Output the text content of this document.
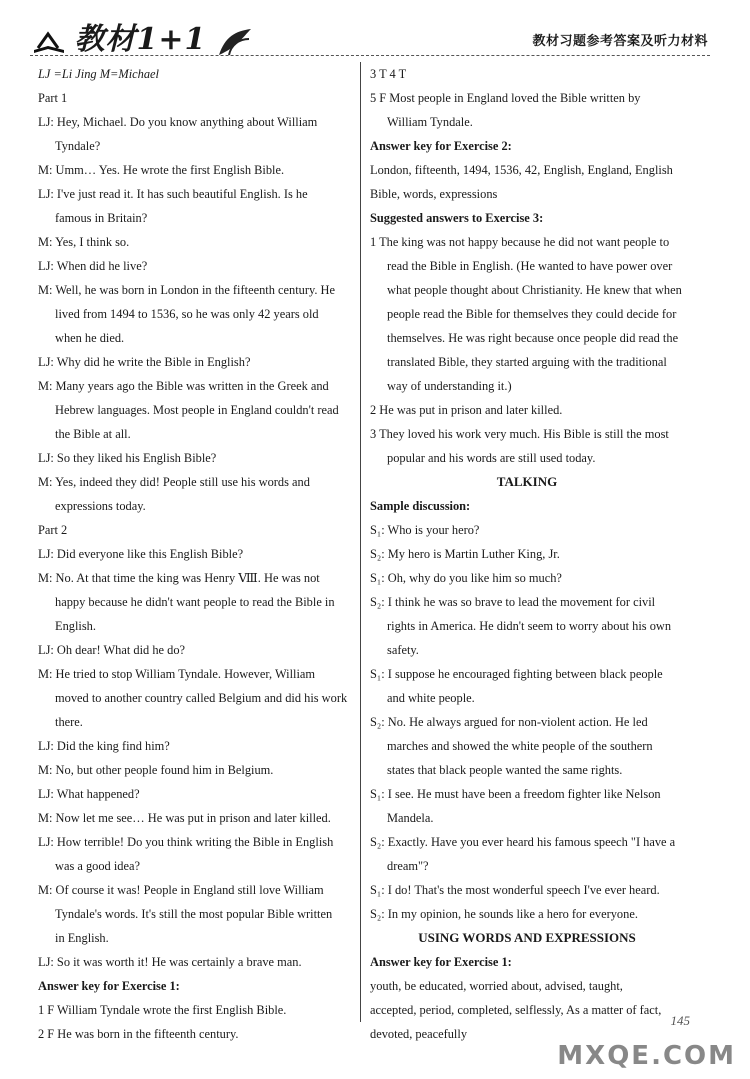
教材1+1	教材习题参考答案及听力材料
LJ =Li Jing M=Michael
Part 1
LJ: Hey, Michael. Do you know anything about William
Tyndale?
M: Umm… Yes. He wrote the first English Bible.
LJ: I've just read it. It has such beautiful English. Is he
famous in Britain?
M: Yes, I think so.
LJ: When did he live?
M: Well, he was born in London in the fifteenth century. He
lived from 1494 to 1536, so he was only 42 years old
when he died.
LJ: Why did he write the Bible in English?
M: Many years ago the Bible was written in the Greek and
Hebrew languages. Most people in England couldn't read
the Bible at all.
LJ: So they liked his English Bible?
M: Yes, indeed they did! People still use his words and
expressions today.
Part 2
LJ: Did everyone like this English Bible?
M: No. At that time the king was Henry Ⅷ. He was not
happy because he didn't want people to read the Bible in
English.
LJ: Oh dear! What did he do?
M: He tried to stop William Tyndale. However, William
moved to another country called Belgium and did his work
there.
LJ: Did the king find him?
M: No, but other people found him in Belgium.
LJ: What happened?
M: Now let me see… He was put in prison and later killed.
LJ: How terrible! Do you think writing the Bible in English
was a good idea?
M: Of course it was! People in England still love William
Tyndale's words. It's still the most popular Bible written
in English.
LJ: So it was worth it! He was certainly a brave man.
Answer key for Exercise 1:
1 F William Tyndale wrote the first English Bible.
2 F He was born in the fifteenth century.
3 T 4 T
5 F Most people in England loved the Bible written by
William Tyndale.
Answer key for Exercise 2:
London, fifteenth, 1494, 1536, 42, English, England, English
Bible, words, expressions
Suggested answers to Exercise 3:
1 The king was not happy because he did not want people to
read the Bible in English. (He wanted to have power over
what people thought about Christianity. He knew that when
people read the Bible for themselves they could decide for
themselves. He was right because once people did read the
translated Bible, they started arguing with the traditional
way of understanding it.)
2 He was put in prison and later killed.
3 They loved his work very much. His Bible is still the most
popular and his words are still used today.
TALKING
Sample discussion:
S₁: Who is your hero?
S₂: My hero is Martin Luther King, Jr.
S₁: Oh, why do you like him so much?
S₂: I think he was so brave to lead the movement for civil
rights in America. He didn't seem to worry about his own
safety.
S₁: I suppose he encouraged fighting between black people
and white people.
S₂: No. He always argued for non-violent action. He led
marches and showed the white people of the southern
states that black people wanted the same rights.
S₁: I see. He must have been a freedom fighter like Nelson
Mandela.
S₂: Exactly. Have you ever heard his famous speech "I have a
dream"?
S₁: I do! That's the most wonderful speech I've ever heard.
S₂: In my opinion, he sounds like a hero for everyone.
USING WORDS AND EXPRESSIONS
Answer key for Exercise 1:
youth, be educated, worried about, advised, taught,
accepted, period, completed, selflessly, As a matter of fact,
devoted, peacefully
145
MXQE.COM
